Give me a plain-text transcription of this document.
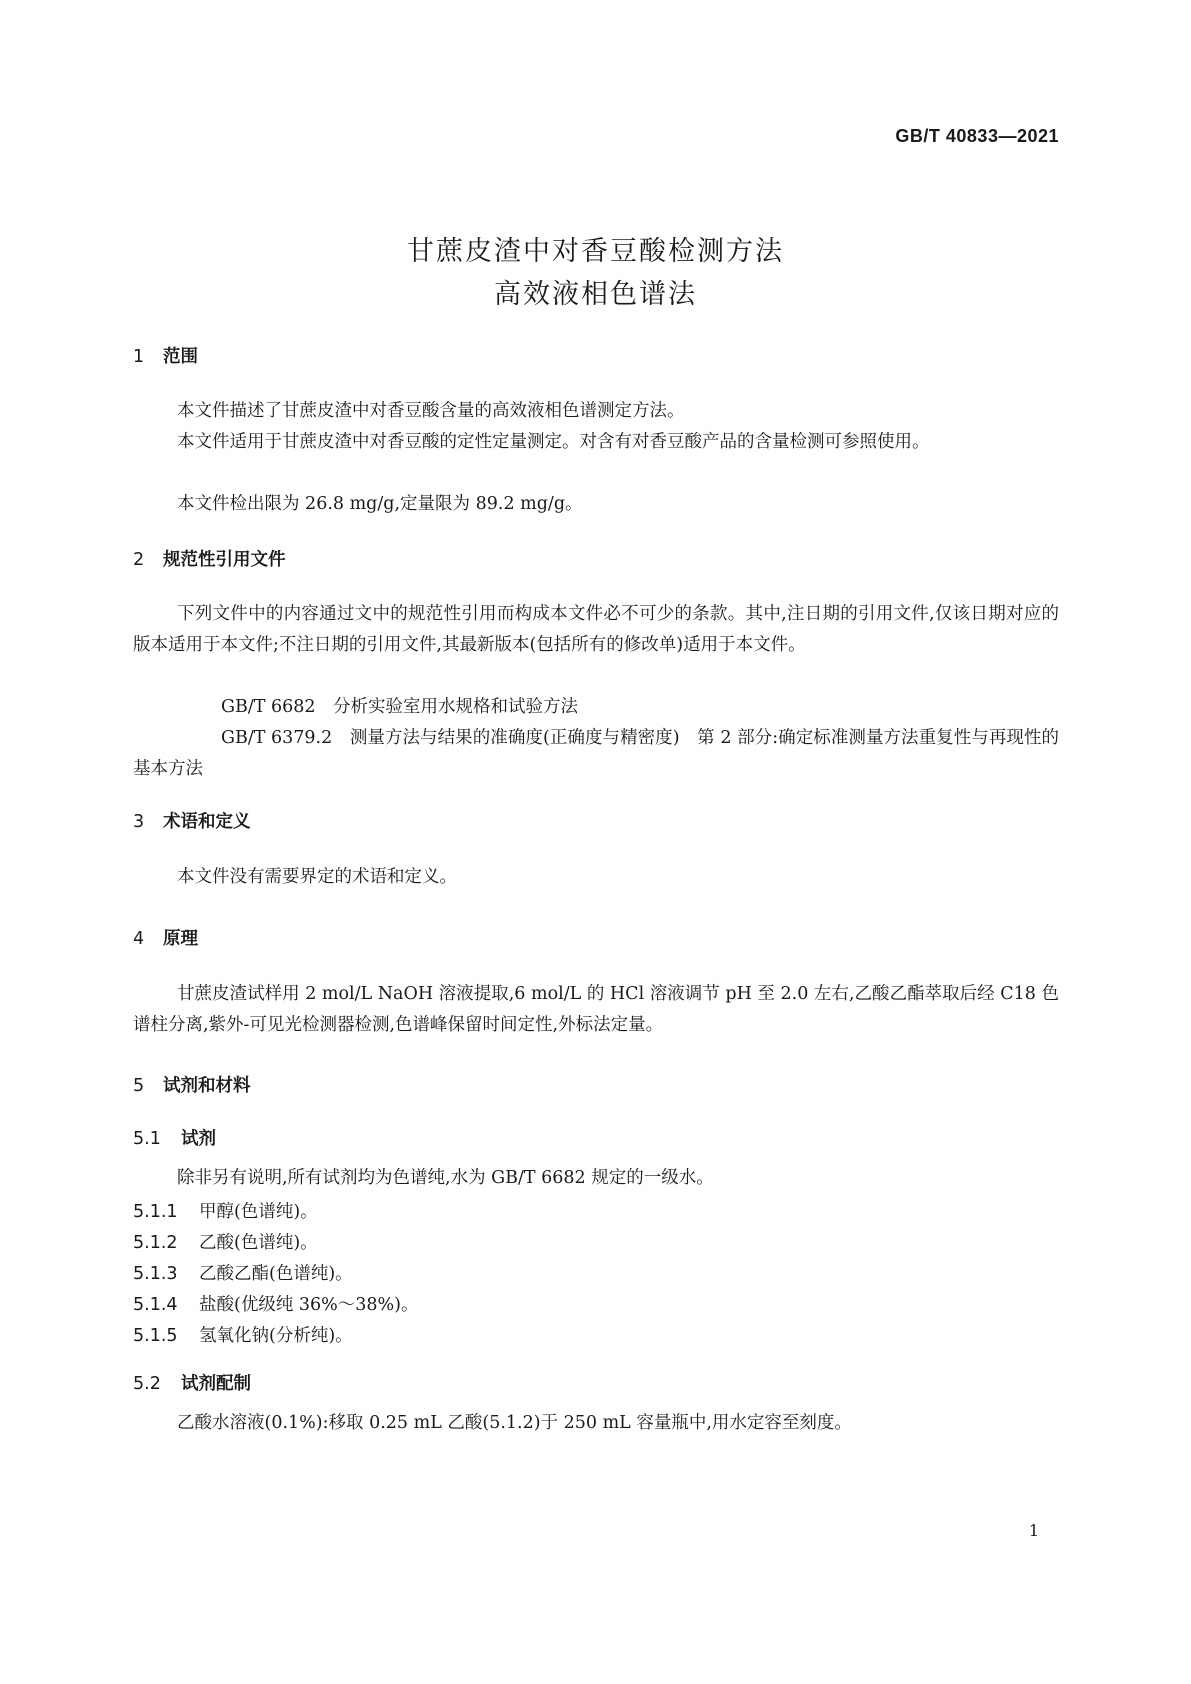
GB/T 40833—2021
甘蔗皮渣中对香豆酸检测方法
高效液相色谱法
1 范围
本文件描述了甘蔗皮渣中对香豆酸含量的高效液相色谱测定方法。
本文件适用于甘蔗皮渣中对香豆酸的定性定量测定。对含有对香豆酸产品的含量检测可参照使用。
本文件检出限为 26.8 mg/g,定量限为 89.2 mg/g。
2 规范性引用文件
下列文件中的内容通过文中的规范性引用而构成本文件必不可少的条款。其中,注日期的引用文件,仅该日期对应的版本适用于本文件;不注日期的引用文件,其最新版本(包括所有的修改单)适用于本文件。
GB/T 6682　 分析实验室用水规格和试验方法
GB/T 6379.2　 测量方法与结果的准确度(正确度与精密度)　第 2 部分:确定标准测量方法重复性与再现性的基本方法
3 术语和定义
本文件没有需要界定的术语和定义。
4 原理
甘蔗皮渣试样用 2 mol/L NaOH 溶液提取,6 mol/L 的 HCl 溶液调节 pH 至 2.0 左右,乙酸乙酯萃取后经 C18 色谱柱分离,紫外-可见光检测器检测,色谱峰保留时间定性,外标法定量。
5 试剂和材料
5.1 试剂
除非另有说明,所有试剂均为色谱纯,水为 GB/T 6682 规定的一级水。
5.1.1 甲醇(色谱纯)。
5.1.2 乙酸(色谱纯)。
5.1.3 乙酸乙酯(色谱纯)。
5.1.4 盐酸(优级纯 36%～38%)。
5.1.5 氢氧化钠(分析纯)。
5.2 试剂配制
乙酸水溶液(0.1%):移取 0.25 mL 乙酸(5.1.2)于 250 mL 容量瓶中,用水定容至刻度。
1
